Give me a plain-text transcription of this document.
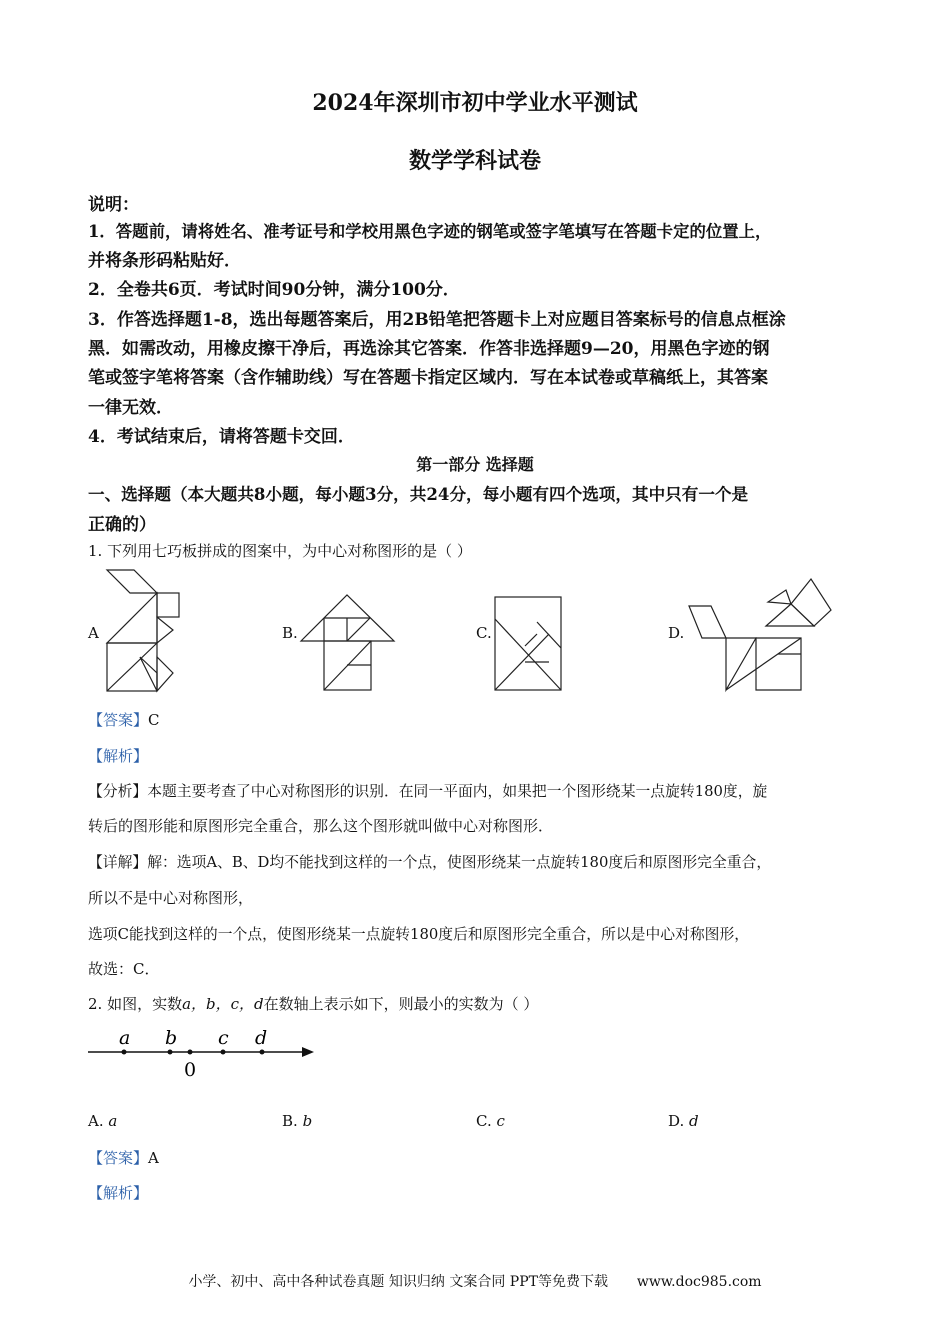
2024年深圳市初中学业水平测试
数学学科试卷
说明：
1．答题前，请将姓名、准考证号和学校用黑色字迹的钢笔或签字笔填写在答题卡定的位置上，
并将条形码粘贴好．
2．全卷共6页．考试时间90分钟，满分100分．
3．作答选择题1-8，选出每题答案后，用2B铅笔把答题卡上对应题目答案标号的信息点框涂
黑．如需改动，用橡皮擦干净后，再选涂其它答案．作答非选择题9—20，用黑色字迹的钢
笔或签字笔将答案（含作辅助线）写在答题卡指定区域内．写在本试卷或草稿纸上，其答案
一律无效．
4．考试结束后，请将答题卡交回．
第一部分 选择题
一、选择题（本大题共8小题，每小题3分，共24分，每小题有四个选项，其中只有一个是
正确的）
1. 下列用七巧板拼成的图案中，为中心对称图形的是（ ）
A	B.	C.	D.
【答案】C
【解析】
【分析】本题主要考查了中心对称图形的识别．在同一平面内，如果把一个图形绕某一点旋转180度，旋
转后的图形能和原图形完全重合，那么这个图形就叫做中心对称图形．
【详解】解：选项A、B、D均不能找到这样的一个点，使图形绕某一点旋转180度后和原图形完全重合，
所以不是中心对称图形，
选项C能找到这样的一个点，使图形绕某一点旋转180度后和原图形完全重合，所以是中心对称图形，
故选：C．
2. 如图，实数a，b，c，d在数轴上表示如下，则最小的实数为（ ）
a b c d
0
A. a	B. b	C. c	D. d
【答案】A
【解析】
小学、初中、高中各种试卷真题 知识归纳 文案合同 PPT等免费下载 www.doc985.com
